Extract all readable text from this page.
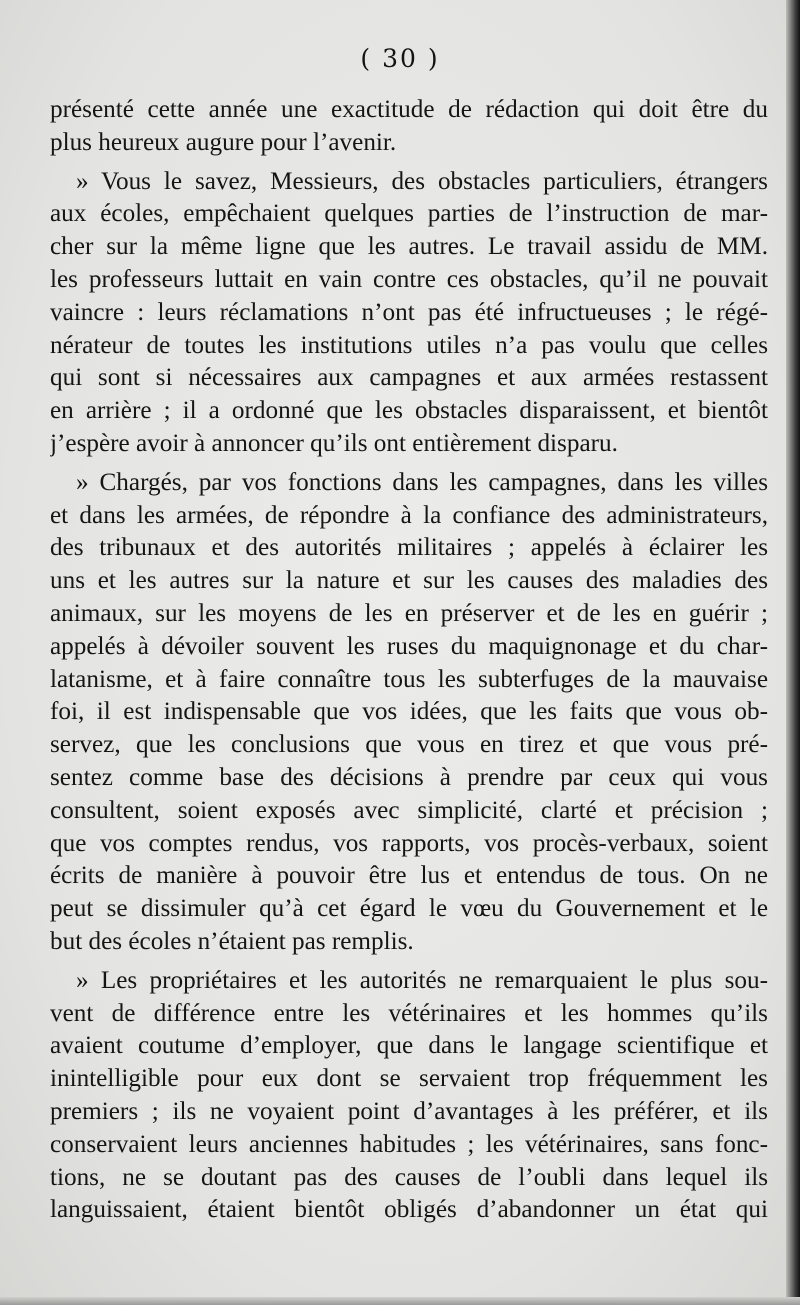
( 30 )
présenté cette année une exactitude de rédaction qui doit être du
plus heureux augure pour l’avenir.
» Vous le savez, Messieurs, des obstacles particuliers, étrangers
aux écoles, empêchaient quelques parties de l’instruction de mar-
cher sur la même ligne que les autres. Le travail assidu de MM.
les professeurs luttait en vain contre ces obstacles, qu’il ne pouvait
vaincre : leurs réclamations n’ont pas été infructueuses ; le régé-
nérateur de toutes les institutions utiles n’a pas voulu que celles
qui sont si nécessaires aux campagnes et aux armées restassent
en arrière ; il a ordonné que les obstacles disparaissent, et bientôt
j’espère avoir à annoncer qu’ils ont entièrement disparu.
» Chargés, par vos fonctions dans les campagnes, dans les villes
et dans les armées, de répondre à la confiance des administrateurs,
des tribunaux et des autorités militaires ; appelés à éclairer les
uns et les autres sur la nature et sur les causes des maladies des
animaux, sur les moyens de les en préserver et de les en guérir ;
appelés à dévoiler souvent les ruses du maquignonage et du char-
latanisme, et à faire connaître tous les subterfuges de la mauvaise
foi, il est indispensable que vos idées, que les faits que vous ob-
servez, que les conclusions que vous en tirez et que vous pré-
sentez comme base des décisions à prendre par ceux qui vous
consultent, soient exposés avec simplicité, clarté et précision ;
que vos comptes rendus, vos rapports, vos procès-verbaux, soient
écrits de manière à pouvoir être lus et entendus de tous. On ne
peut se dissimuler qu’à cet égard le vœu du Gouvernement et le
but des écoles n’étaient pas remplis.
» Les propriétaires et les autorités ne remarquaient le plus sou-
vent de différence entre les vétérinaires et les hommes qu’ils
avaient coutume d’employer, que dans le langage scientifique et
inintelligible pour eux dont se servaient trop fréquemment les
premiers ; ils ne voyaient point d’avantages à les préférer, et ils
conservaient leurs anciennes habitudes ; les vétérinaires, sans fonc-
tions, ne se doutant pas des causes de l’oubli dans lequel ils
languissaient, étaient bientôt obligés d’abandonner un état qui
